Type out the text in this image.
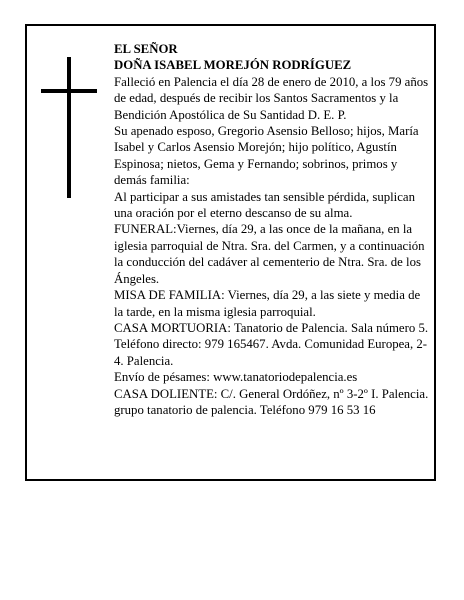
EL SEÑOR

DOÑA ISABEL MOREJÓN RODRÍGUEZ

Falleció en Palencia el día 28 de enero de 2010, a los 79 años de edad, después de recibir los Santos Sacramentos y la Bendición Apostólica de Su Santidad D. E. P.

Su apenado esposo, Gregorio Asensio Belloso; hijos, María Isabel y Carlos Asensio Morejón; hijo político, Agustín Espinosa; nietos, Gema y Fernando; sobrinos, primos y demás familia:

Al participar a sus amistades tan sensible pérdida, suplican una oración por el eterno descanso de su alma.

FUNERAL:Viernes, día 29, a las once de la mañana, en la iglesia parroquial de Ntra. Sra. del Carmen, y a continuación la conducción del cadáver al cementerio de Ntra. Sra. de los Ángeles.

MISA DE FAMILIA: Viernes, día 29, a las siete y media de la tarde, en la misma iglesia parroquial.

CASA MORTUORIA: Tanatorio de Palencia. Sala número 5. Teléfono directo: 979 165467. Avda. Comunidad Europea, 2-4. Palencia.

Envío de pésames: www.tanatoriodepalencia.es

CASA DOLIENTE: C/. General Ordóñez, nº 3-2º I. Palencia.

grupo tanatorio de palencia. Teléfono 979 16 53 16
